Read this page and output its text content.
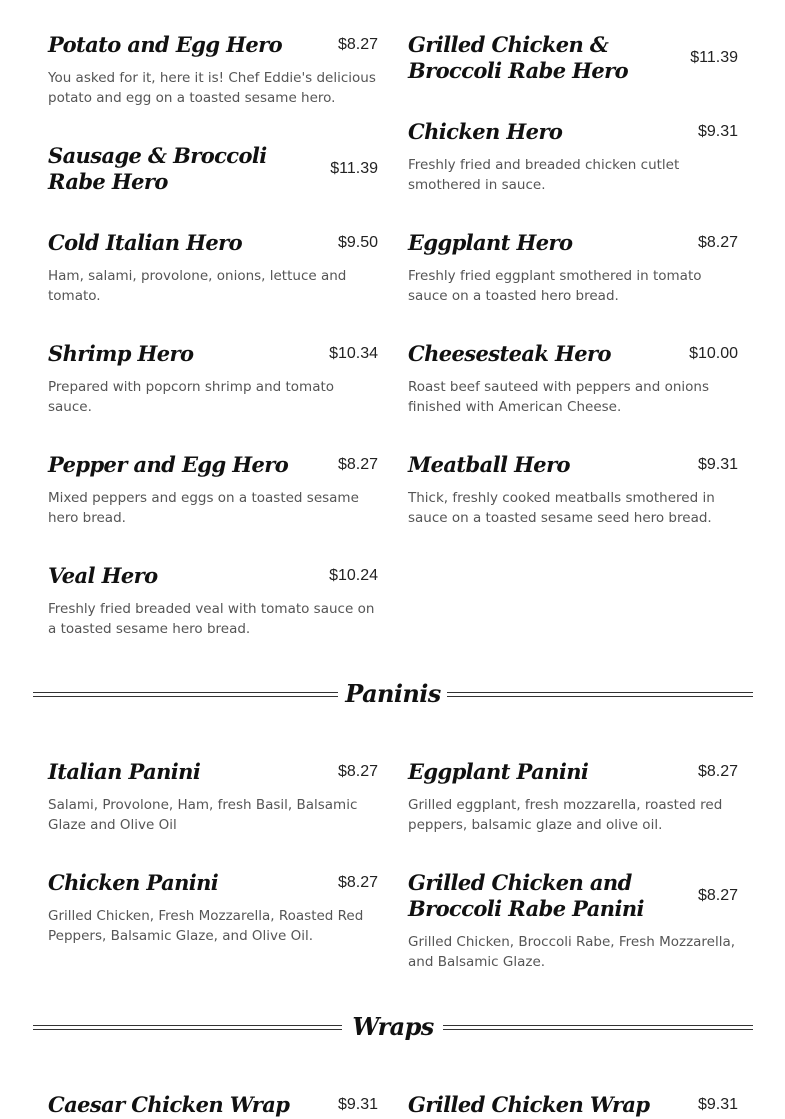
Potato and Egg Hero	$8.27
You asked for it, here it is! Chef Eddie's delicious potato and egg on a toasted sesame hero.
Sausage & Broccoli Rabe Hero
$11.39
Cold Italian Hero	$9.50
Ham, salami, provolone, onions, lettuce and tomato.
Shrimp Hero	$10.34
Prepared with popcorn shrimp and tomato sauce.
Pepper and Egg Hero	$8.27
Mixed peppers and eggs on a toasted sesame hero bread.
Veal Hero	$10.24
Freshly fried breaded veal with tomato sauce on a toasted sesame hero bread.
Grilled Chicken & Broccoli Rabe Hero
$11.39
Chicken Hero	$9.31
Freshly fried and breaded chicken cutlet smothered in sauce.
Eggplant Hero	$8.27
Freshly fried eggplant smothered in tomato sauce on a toasted hero bread.
Cheesesteak Hero	$10.00
Roast beef sauteed with peppers and onions finished with American Cheese.
Meatball Hero	$9.31
Thick, freshly cooked meatballs smothered in sauce on a toasted sesame seed hero bread.
Paninis
Italian Panini	$8.27
Salami, Provolone, Ham, fresh Basil, Balsamic Glaze and Olive Oil
Chicken Panini	$8.27
Grilled Chicken, Fresh Mozzarella, Roasted Red Peppers, Balsamic Glaze, and Olive Oil.
Eggplant Panini	$8.27
Grilled eggplant, fresh mozzarella, roasted red peppers, balsamic glaze and olive oil.
Grilled Chicken and Broccoli Rabe Panini
$8.27
Grilled Chicken, Broccoli Rabe, Fresh Mozzarella, and Balsamic Glaze.
Wraps
Caesar Chicken Wrap	$9.31 Grilled Chicken Wrap	$9.31
